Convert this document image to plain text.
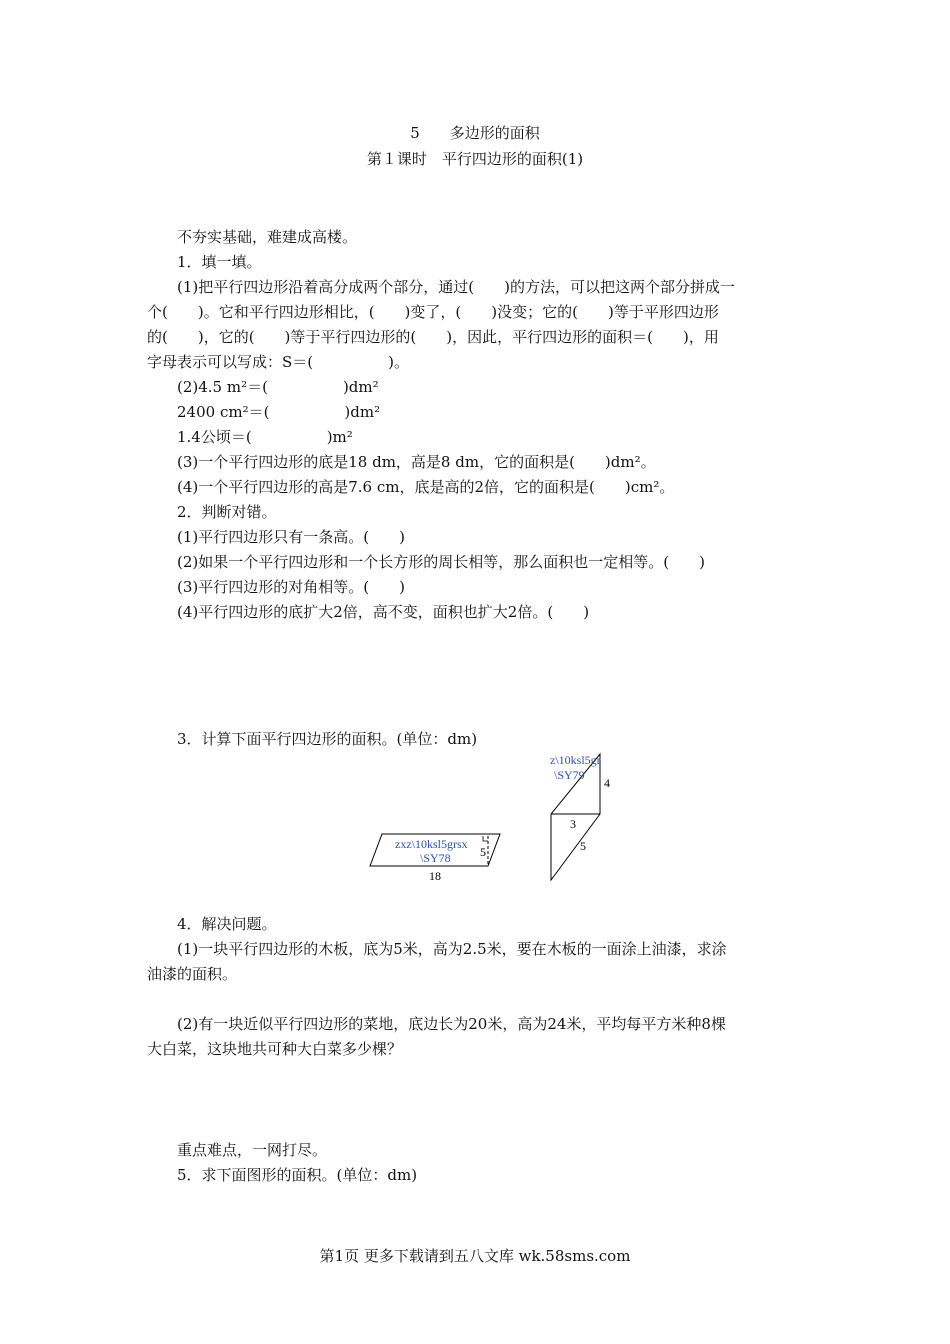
5　　多边形的面积
第１课时　平行四边形的面积(1)
不夯实基础，难建成高楼。
1．填一填。
(1)把平行四边形沿着高分成两个部分，通过(　　)的方法，可以把这两个部分拼成一
个(　　)。它和平行四边形相比，(　　)变了，(　　)没变；它的(　　)等于平形四边形
的(　　)，它的(　　)等于平行四边形的(　　)，因此，平行四边形的面积＝(　　)，用
字母表示可以写成：S＝(　　　　　)。
(2)4.5 m²＝(　　　　　)dm²
2400 cm²＝(　　　　　)dm²
1.4公顷＝(　　　　　)m²
(3)一个平行四边形的底是18 dm，高是8 dm，它的面积是(　　)dm²。
(4)一个平行四边形的高是7.6 cm，底是高的2倍，它的面积是(　　)cm²。
2．判断对错。
(1)平行四边形只有一条高。(　　)
(2)如果一个平行四边形和一个长方形的周长相等，那么面积也一定相等。(　　)
(3)平行四边形的对角相等。(　　)
(4)平行四边形的底扩大2倍，高不变，面积也扩大2倍。(　　)
3．计算下面平行四边形的面积。(单位：dm)
zxz\10ksl5grsx
\SY78 5
18
z\10ksl5gr
\SY79
4
3
5
4．解决问题。
(1)一块平行四边形的木板，底为5米，高为2.5米，要在木板的一面涂上油漆，求涂
油漆的面积。
(2)有一块近似平行四边形的菜地，底边长为20米，高为24米，平均每平方米种8棵
大白菜，这块地共可种大白菜多少棵？
重点难点，一网打尽。
5．求下面图形的面积。(单位：dm)
第1页 更多下载请到五八文库 wk.58sms.com
